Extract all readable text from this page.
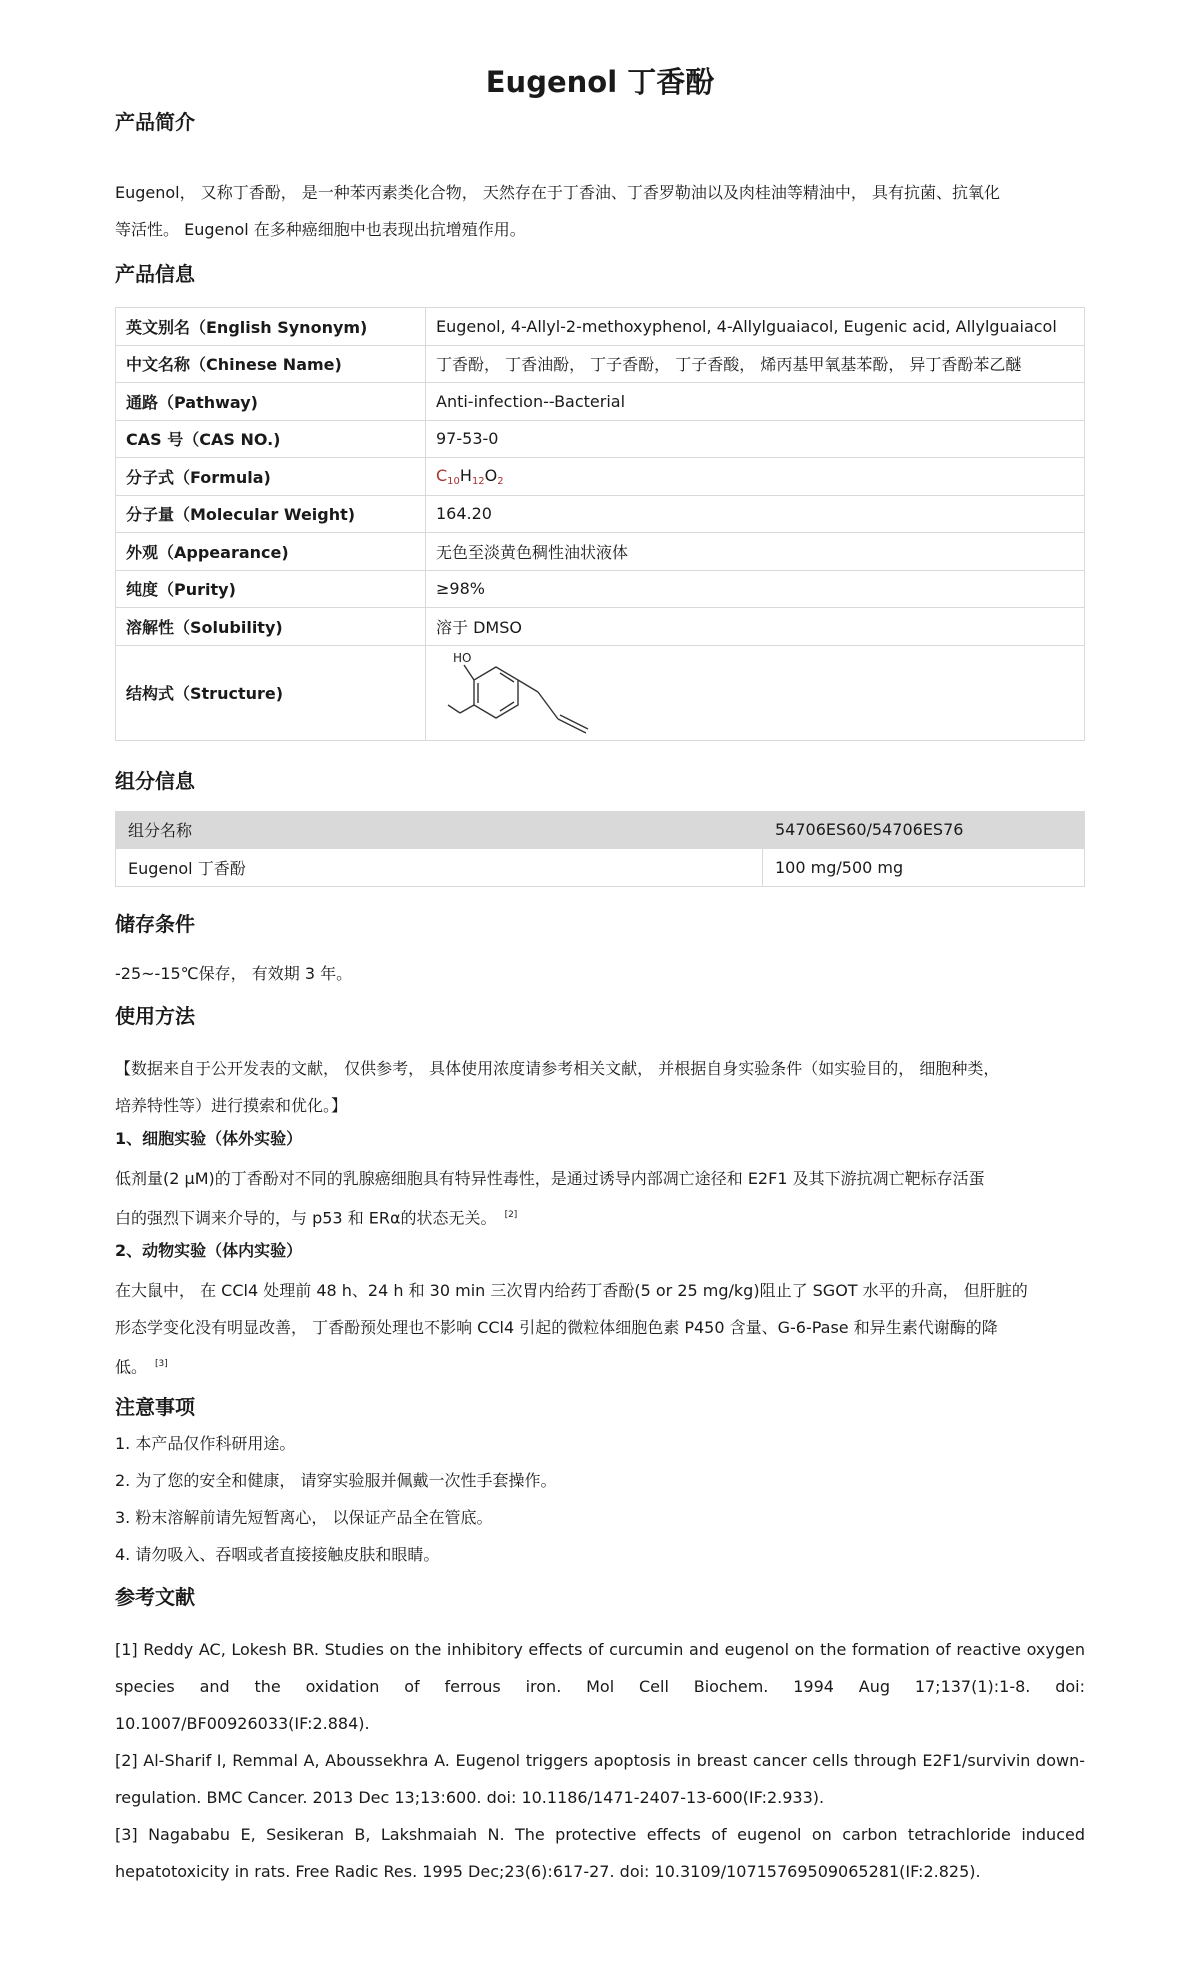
Eugenol 丁香酚
产品简介

Eugenol， 又称丁香酚， 是一种苯丙素类化合物， 天然存在于丁香油、丁香罗勒油以及肉桂油等精油中， 具有抗菌、抗氧化

等活性。 Eugenol 在多种癌细胞中也表现出抗增殖作用。

产品信息
英文别名（English Synonym)	Eugenol, 4-Allyl-2-methoxyphenol, 4-Allylguaiacol, Eugenic acid, Allylguaiacol
中文名称（Chinese Name)	丁香酚， 丁香油酚， 丁子香酚， 丁子香酸， 烯丙基甲氧基苯酚， 异丁香酚苯乙醚
通路（Pathway)	Anti-infection--Bacterial
CAS 号（CAS NO.)	97-53-0
分子式（Formula)	$C_{10}H_{12}O_2$
分子量（Molecular Weight)	164.20
外观（Appearance)	无色至淡黄色稠性油状液体
纯度（Purity)	≥98%
溶解性（Solubility)	溶于 DMSO
结构式（Structure)	HO
组分信息
组分名称	54706ES60/54706ES76
Eugenol 丁香酚	100 mg/500 mg
储存条件

-25~-15℃保存， 有效期 3 年。

使用方法

【数据来自于公开发表的文献， 仅供参考， 具体使用浓度请参考相关文献， 并根据自身实验条件（如实验目的， 细胞种类，

培养特性等）进行摸索和优化。】

1、细胞实验（体外实验）

低剂量(2 μM)的丁香酚对不同的乳腺癌细胞具有特异性毒性，是通过诱导内部凋亡途径和 E2F1 及其下游抗凋亡靶标存活蛋

白的强烈下调来介导的，与 p53 和 ERα的状态无关。 [2]

2、动物实验（体内实验）

在大鼠中， 在 CCl4 处理前 48 h、24 h 和 30 min 三次胃内给药丁香酚(5 or 25 mg/kg)阻止了 SGOT 水平的升高， 但肝脏的

形态学变化没有明显改善， 丁香酚预处理也不影响 CCl4 引起的微粒体细胞色素 P450 含量、G-6-Pase 和异生素代谢酶的降

低。 [3]

注意事项
1. 本产品仅作科研用途。
2. 为了您的安全和健康， 请穿实验服并佩戴一次性手套操作。
3. 粉末溶解前请先短暂离心， 以保证产品全在管底。
4. 请勿吸入、吞咽或者直接接触皮肤和眼睛。
参考文献

[1] Reddy AC, Lokesh BR. Studies on the inhibitory effects of curcumin and eugenol on the formation of reactive oxygen species and the oxidation of ferrous iron. Mol Cell Biochem. 1994 Aug 17;137(1):1-8. doi: 10.1007/BF00926033(IF:2.884).

[2] Al-Sharif I, Remmal A, Aboussekhra A. Eugenol triggers apoptosis in breast cancer cells through E2F1/survivin down-regulation. BMC Cancer. 2013 Dec 13;13:600. doi: 10.1186/1471-2407-13-600(IF:2.933).

[3] Nagababu E, Sesikeran B, Lakshmaiah N. The protective effects of eugenol on carbon tetrachloride induced hepatotoxicity in rats. Free Radic Res. 1995 Dec;23(6):617-27. doi: 10.3109/10715769509065281(IF:2.825).
